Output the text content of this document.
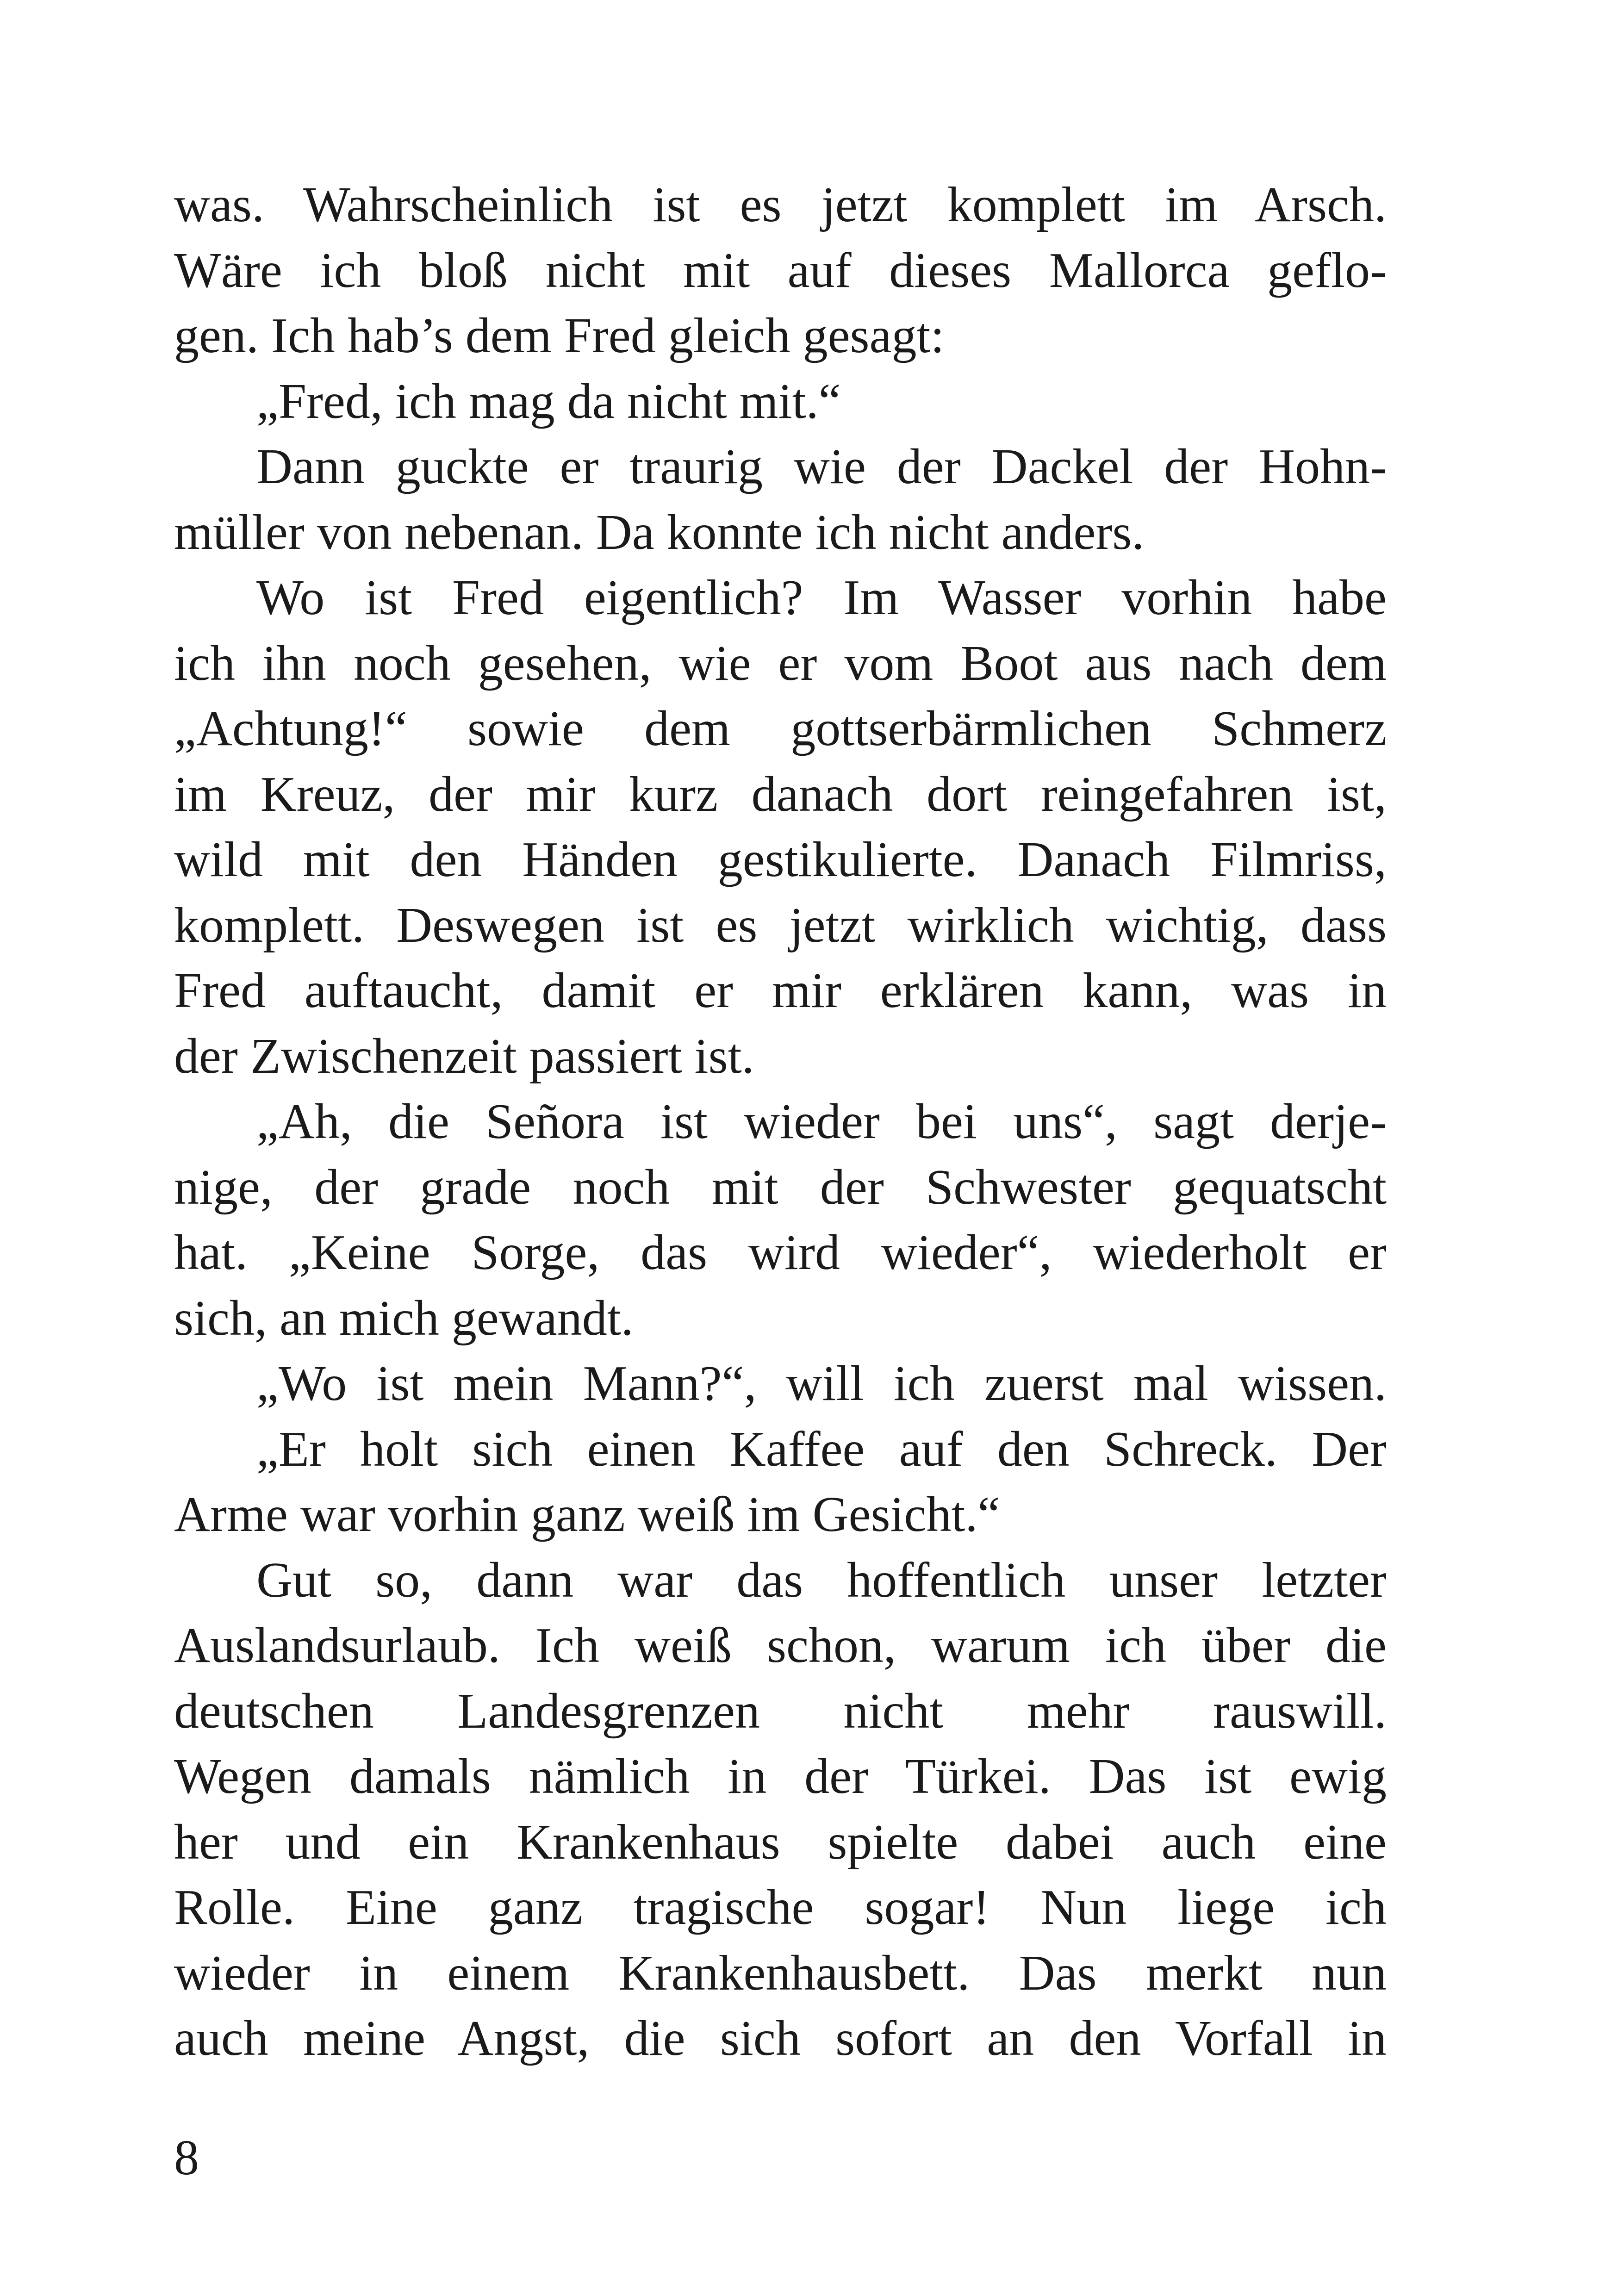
was. Wahrscheinlich ist es jetzt komplett im Arsch.
Wäre ich bloß nicht mit auf dieses Mallorca geflo-
gen. Ich hab’s dem Fred gleich gesagt:
„Fred, ich mag da nicht mit.“
Dann guckte er traurig wie der Dackel der Hohn-
müller von nebenan. Da konnte ich nicht anders.
Wo ist Fred eigentlich? Im Wasser vorhin habe
ich ihn noch gesehen, wie er vom Boot aus nach dem
„Achtung!“ sowie dem gottserbärmlichen Schmerz
im Kreuz, der mir kurz danach dort reingefahren ist,
wild mit den Händen gestikulierte. Danach Filmriss,
komplett. Deswegen ist es jetzt wirklich wichtig, dass
Fred auftaucht, damit er mir erklären kann, was in
der Zwischenzeit passiert ist.
„Ah, die Señora ist wieder bei uns“, sagt derje-
nige, der grade noch mit der Schwester gequatscht
hat. „Keine Sorge, das wird wieder“, wiederholt er
sich, an mich gewandt.
„Wo ist mein Mann?“, will ich zuerst mal wissen.
„Er holt sich einen Kaffee auf den Schreck. Der
Arme war vorhin ganz weiß im Gesicht.“
Gut so, dann war das hoffentlich unser letzter
Auslandsurlaub. Ich weiß schon, warum ich über die
deutschen Landesgrenzen nicht mehr rauswill.
Wegen damals nämlich in der Türkei. Das ist ewig
her und ein Krankenhaus spielte dabei auch eine
Rolle. Eine ganz tragische sogar! Nun liege ich
wieder in einem Krankenhausbett. Das merkt nun
auch meine Angst, die sich sofort an den Vorfall in
8
